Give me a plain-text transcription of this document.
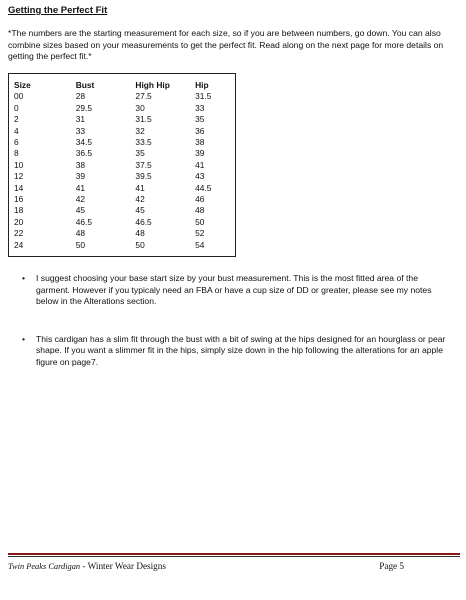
Getting the Perfect Fit
*The numbers are the starting measurement for each size, so if you are between numbers, go down. You can also combine sizes based on your measurements to get the perfect fit. Read along on the next page for more details on getting the perfect fit.*
Size	Bust	High Hip	Hip
00	28	27.5	31.5
0	29.5	30	33
2	31	31.5	35
4	33	32	36
6	34.5	33.5	38
8	36.5	35	39
10	38	37.5	41
12	39	39.5	43
14	41	41	44.5
16	42	42	46
18	45	45	48
20	46.5	46.5	50
22	48	48	52
24	50	50	54
• I suggest choosing your base start size by your bust measurement. This is the most fitted area of the garment. However if you typicaly need an FBA or have a cup size of DD or greater, please see my notes below in the Alterations section.
• This cardigan has a slim fit through the bust with a bit of swing at the hips designed for an hourglass or pear shape. If you want a slimmer fit in the hips, simply size down in the hip following the alterations for an apple figure on page7.
Twin Peaks Cardigan - Winter Wear Designs	Page 5
